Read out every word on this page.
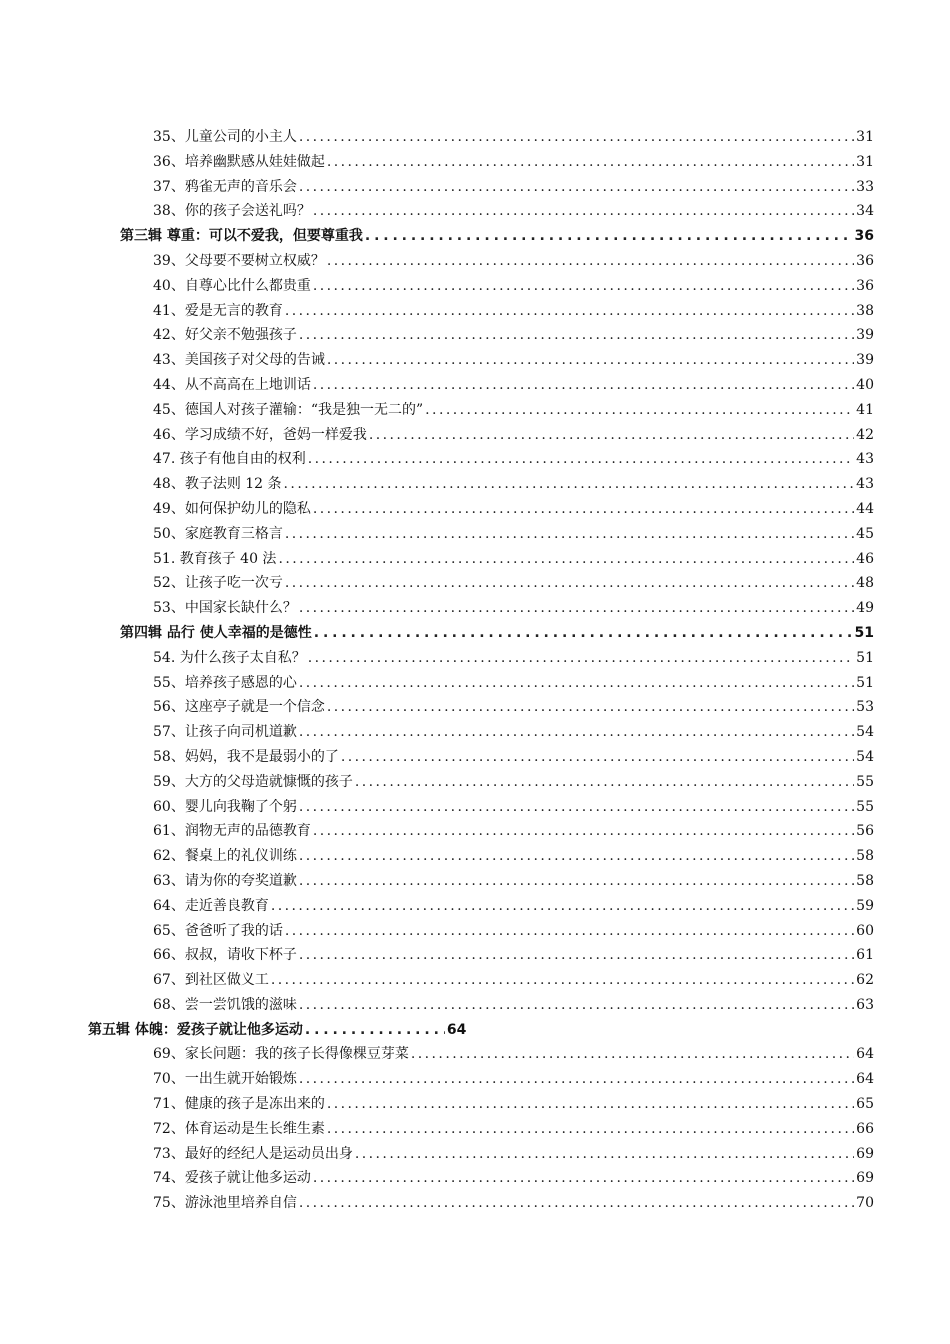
35、儿童公司的小主人 . . .	31
36、培养幽默感从娃娃做起 . . .	31
37、鸦雀无声的音乐会 . . .	33
38、你的孩子会送礼吗？ . . .	34
第三辑 尊重：可以不爱我，但要尊重我 . . .	36
39、父母要不要树立权威？ . . .	36
40、自尊心比什么都贵重 . . .	36
41、爱是无言的教育 . . .	38
42、好父亲不勉强孩子 . . .	39
43、美国孩子对父母的告诫 . . .	39
44、从不高高在上地训话 . . .	40
45、德国人对孩子灌输：“我是独一无二的” . . .	41
46、学习成绩不好，爸妈一样爱我 . . .	42
47. 孩子有他自由的权利 . . .	43
48、教子法则 12 条 . . .	43
49、如何保护幼儿的隐私 . . .	44
50、家庭教育三格言 . . .	45
51. 教育孩子 40 法 . . .	46
52、让孩子吃一次亏 . . .	48
53、中国家长缺什么？ . . .	49
第四辑 品行 使人幸福的是德性 . . .	51
54. 为什么孩子太自私？ . . .	51
55、培养孩子感恩的心 . . .	51
56、这座亭子就是一个信念 . . .	53
57、让孩子向司机道歉 . . .	54
58、妈妈，我不是最弱小的了 . . .	54
59、大方的父母造就慷慨的孩子 . . .	55
60、婴儿向我鞠了个躬 . . .	55
61、润物无声的品德教育 . . .	56
62、餐桌上的礼仪训练 . . .	58
63、请为你的夸奖道歉 . . .	58
64、走近善良教育 . . .	59
65、爸爸听了我的话 . . .	60
66、叔叔，请收下杯子 . . .	61
67、到社区做义工 . . .	62
68、尝一尝饥饿的滋味 . . .	63
第五辑 体魄：爱孩子就让他多运动 . . .	64
69、家长问题：我的孩子长得像棵豆芽菜 . . .	64
70、一出生就开始锻炼 . . .	64
71、健康的孩子是冻出来的 . . .	65
72、体育运动是生长维生素 . . .	66
73、最好的经纪人是运动员出身 . . .	69
74、爱孩子就让他多运动 . . .	69
75、游泳池里培养自信 . . .	70
